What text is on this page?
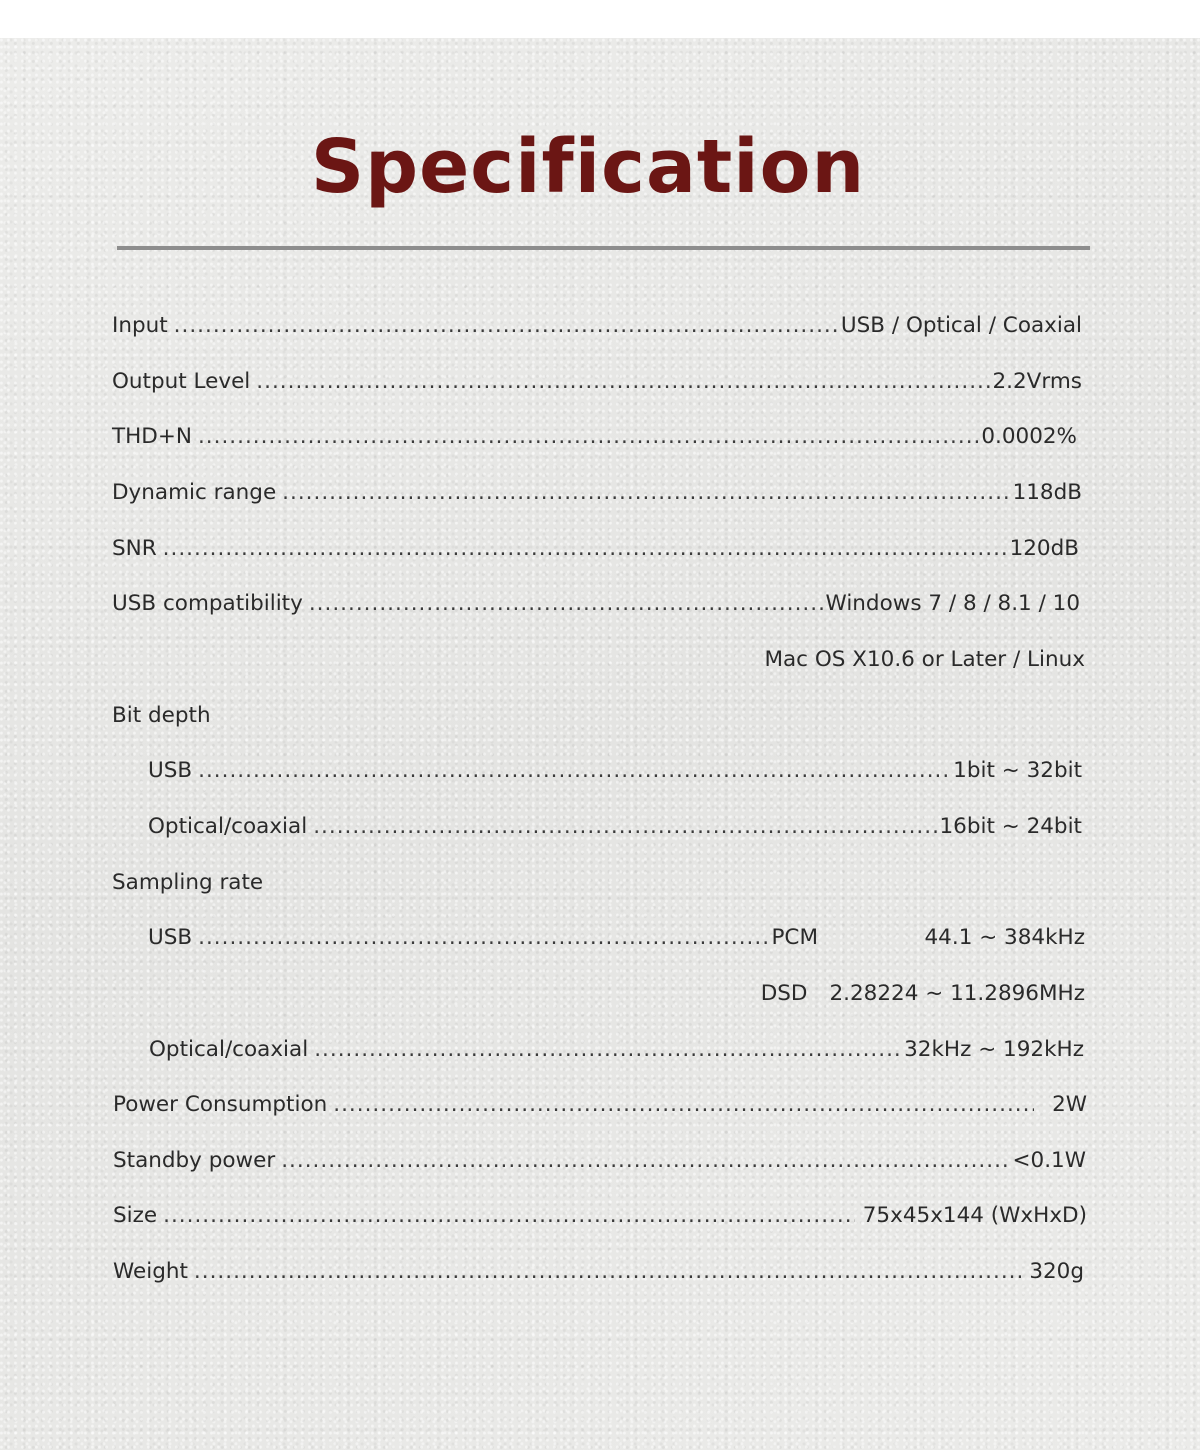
Specification
Input .....	USB / Optical / Coaxial
Output Level .....	2.2Vrms
THD+N .....	0.0002%
Dynamic range .....	118dB
SNR .....	120dB
USB compatibility .....	Windows 7 / 8 / 8.1 / 10
Mac OS X10.6 or Later / Linux
Bit depth
USB .....	1bit ~ 32bit
Optical/coaxial .....	16bit ~ 24bit
Sampling rate
USB .....	PCM	44.1 ~ 384kHz
DSD 2.28224 ~ 11.2896MHz
Optical/coaxial .....	32kHz ~ 192kHz
Power Consumption .....	2W
Standby power .....	<0.1W
Size .....	75x45x144 (WxHxD)
Weight .....	320g
